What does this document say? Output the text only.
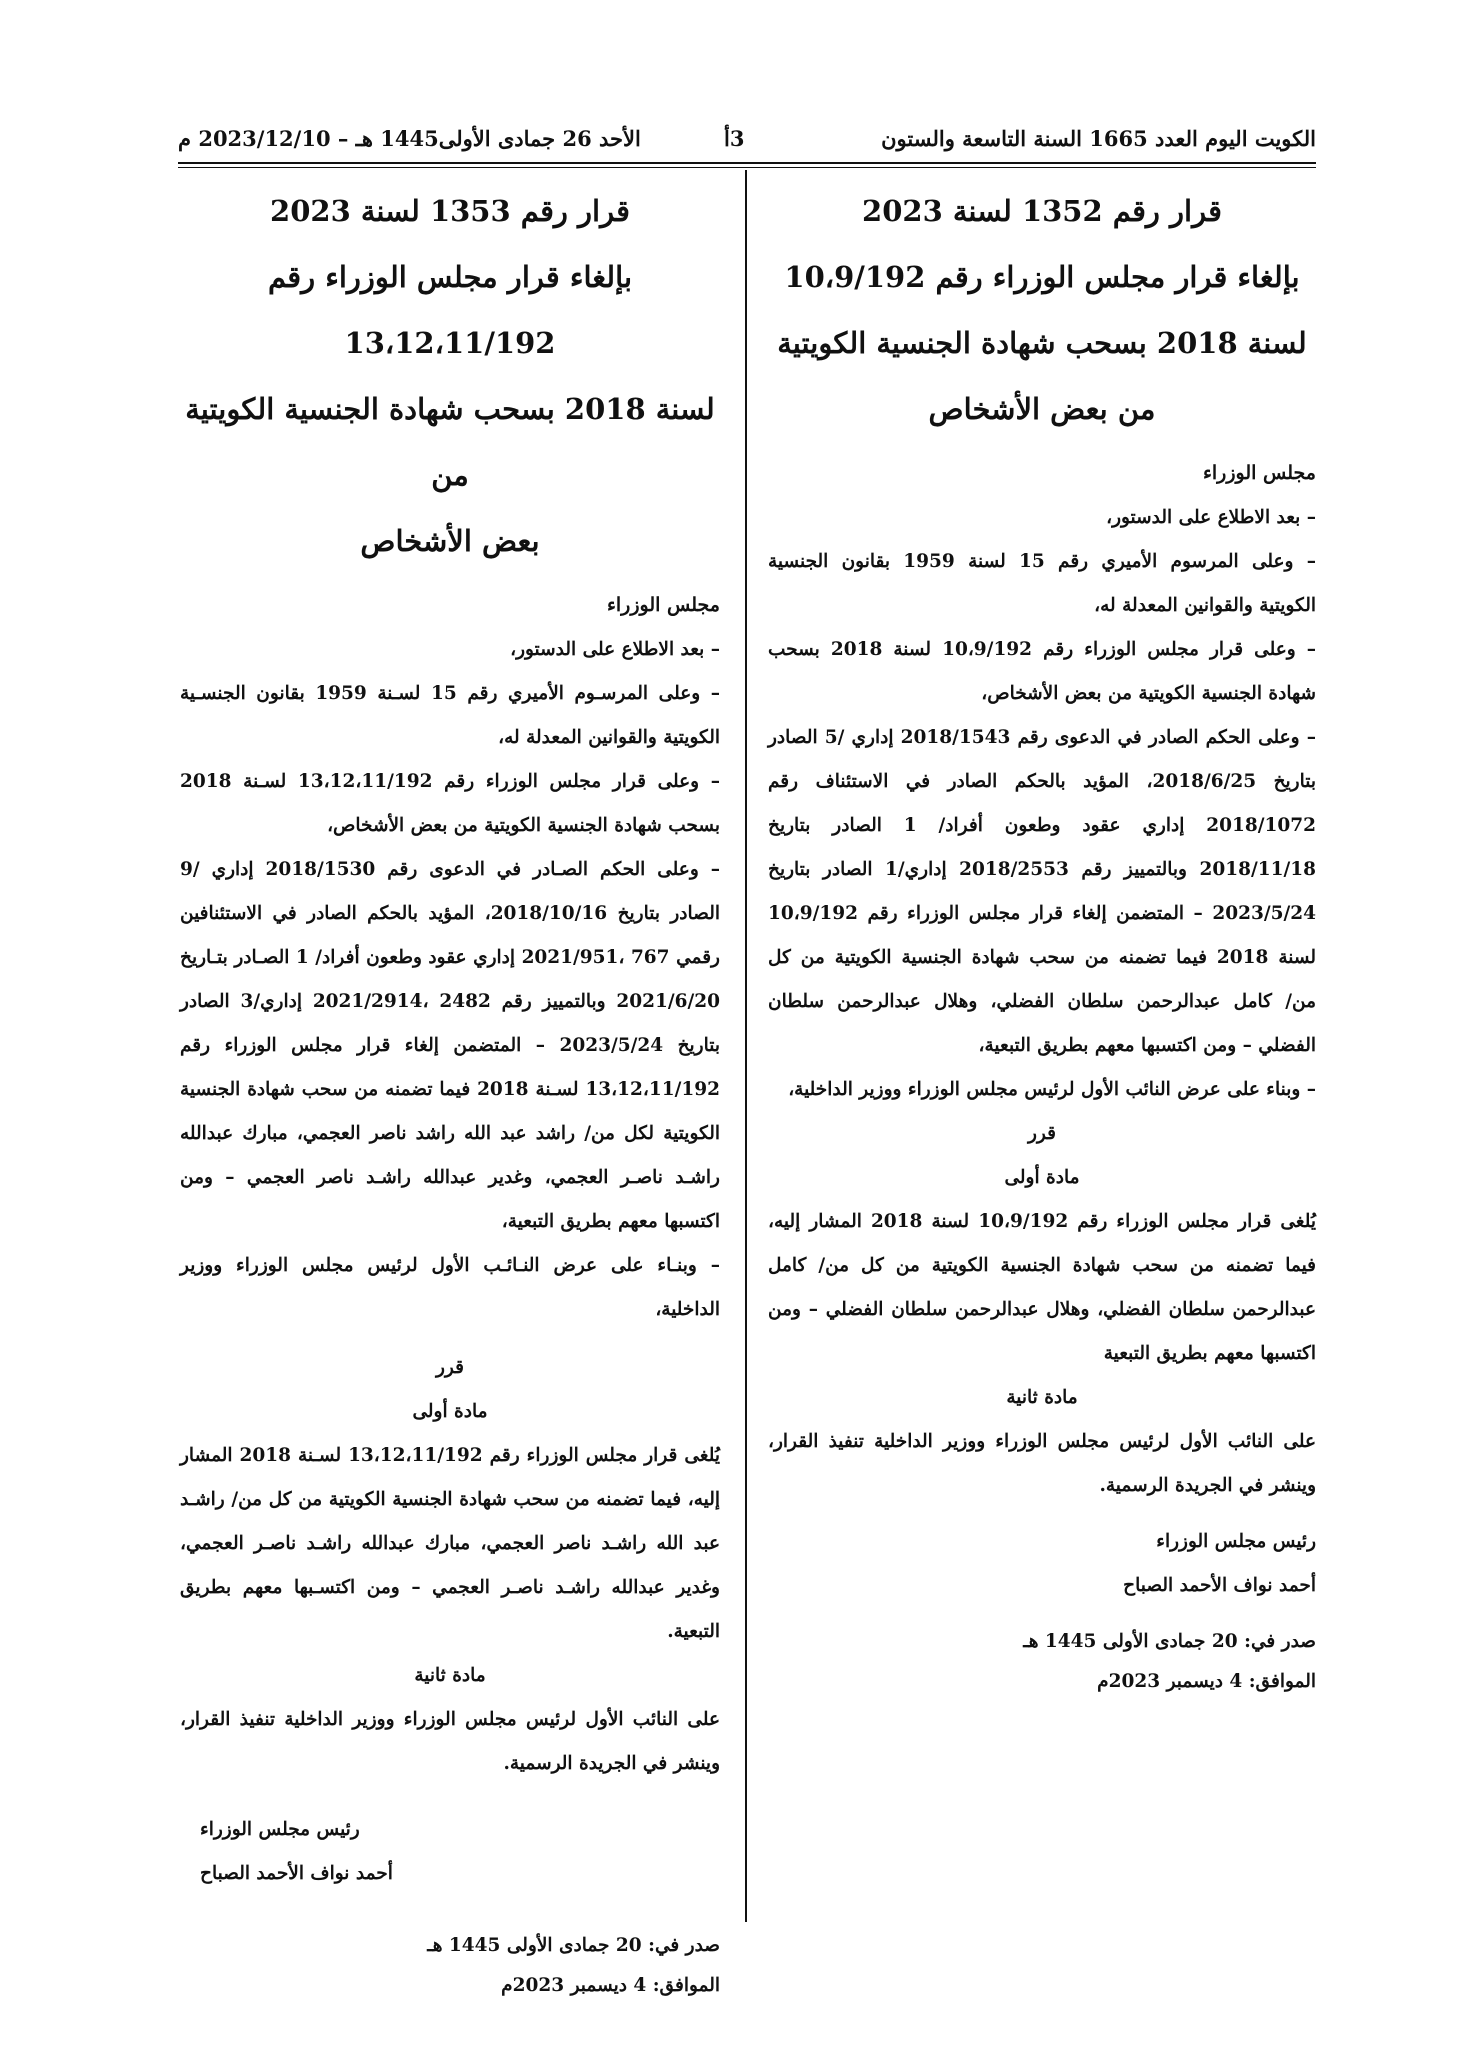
الكويت اليوم العدد 1665 السنة التاسعة والستون
3أ
الأحد 26 جمادى الأولى1445 هـ – 2023/12/10 م
قرار رقم 1352 لسنة 2023
بإلغاء قرار مجلس الوزراء رقم 10،9/192
لسنة 2018 بسحب شهادة الجنسية الكويتية
من بعض الأشخاص

مجلس الوزراء

– بعد الاطلاع على الدستور،

– وعلى المرسوم الأميري رقم 15 لسنة 1959 بقانون الجنسية الكويتية والقوانين المعدلة له،

– وعلى قرار مجلس الوزراء رقم 10،9/192 لسنة 2018 بسحب شهادة الجنسية الكويتية من بعض الأشخاص،

– وعلى الحكم الصادر في الدعوى رقم 2018/1543 إداري /5 الصادر بتاريخ 2018/6/25، المؤيد بالحكم الصادر في الاستئناف رقم 2018/1072 إداري عقود وطعون أفراد/ 1 الصادر بتاريخ 2018/11/18 وبالتمييز رقم 2018/2553 إداري/1 الصادر بتاريخ 2023/5/24 – المتضمن إلغاء قرار مجلس الوزراء رقم 10،9/192 لسنة 2018 فيما تضمنه من سحب شهادة الجنسية الكويتية من كل من/ كامل عبدالرحمن سلطان الفضلي، وهلال عبدالرحمن سلطان الفضلي – ومن اكتسبها معهم بطريق التبعية،

– وبناء على عرض النائب الأول لرئيس مجلس الوزراء ووزير الداخلية،

قرر

مادة أولى

يُلغى قرار مجلس الوزراء رقم 10،9/192 لسنة 2018 المشار إليه، فيما تضمنه من سحب شهادة الجنسية الكويتية من كل من/ كامل عبدالرحمن سلطان الفضلي، وهلال عبدالرحمن سلطان الفضلي – ومن اكتسبها معهم بطريق التبعية

مادة ثانية

على النائب الأول لرئيس مجلس الوزراء ووزير الداخلية تنفيذ القرار، وينشر في الجريدة الرسمية.

رئيس مجلس الوزراء

أحمد نواف الأحمد الصباح

صدر في: 20 جمادى الأولى 1445 هـ

الموافق: 4 ديسمبر 2023م

قرار رقم 1353 لسنة 2023
بإلغاء قرار مجلس الوزراء رقم 13،12،11/192
لسنة 2018 بسحب شهادة الجنسية الكويتية من
بعض الأشخاص

مجلس الوزراء

– بعد الاطلاع على الدستور،

– وعلى المرسـوم الأميري رقم 15 لسـنة 1959 بقانون الجنسـية الكويتية والقوانين المعدلة له،

– وعلى قرار مجلس الوزراء رقم 13،12،11/192 لسـنة 2018 بسحب شهادة الجنسية الكويتية من بعض الأشخاص،

– وعلى الحكم الصـادر في الدعوى رقم 2018/1530 إداري /9 الصادر بتاريخ 2018/10/16، المؤيد بالحكم الصادر في الاستئنافين رقمي 767 ،2021/951 إداري عقود وطعون أفراد/ 1 الصـادر بتـاريخ 2021/6/20 وبالتمييز رقم 2482 ،2021/2914 إداري/3 الصادر بتاريخ 2023/5/24 – المتضمن إلغاء قرار مجلس الوزراء رقم 13،12،11/192 لسـنة 2018 فيما تضمنه من سحب شهادة الجنسية الكويتية لكل من/ راشد عبد الله راشد ناصر العجمي، مبارك عبدالله راشـد ناصـر العجمي، وغدير عبدالله راشـد ناصر العجمي – ومن اكتسبها معهم بطريق التبعية،

– وبنـاء على عرض النـائـب الأول لرئيس مجلس الوزراء ووزير الداخلية،

قرر

مادة أولى

يُلغى قرار مجلس الوزراء رقم 13،12،11/192 لسـنة 2018 المشار إليه، فيما تضمنه من سحب شهادة الجنسية الكويتية من كل من/ راشـد عبد الله راشـد ناصر العجمي، مبارك عبدالله راشـد ناصـر العجمي، وغدير عبدالله راشـد ناصـر العجمي – ومن اكتسـبها معهم بطريق التبعية.

مادة ثانية

على النائب الأول لرئيس مجلس الوزراء ووزير الداخلية تنفيذ القرار، وينشر في الجريدة الرسمية.

رئيس مجلس الوزراء

أحمد نواف الأحمد الصباح

صدر في: 20 جمادى الأولى 1445 هـ

الموافق: 4 ديسمبر 2023م
